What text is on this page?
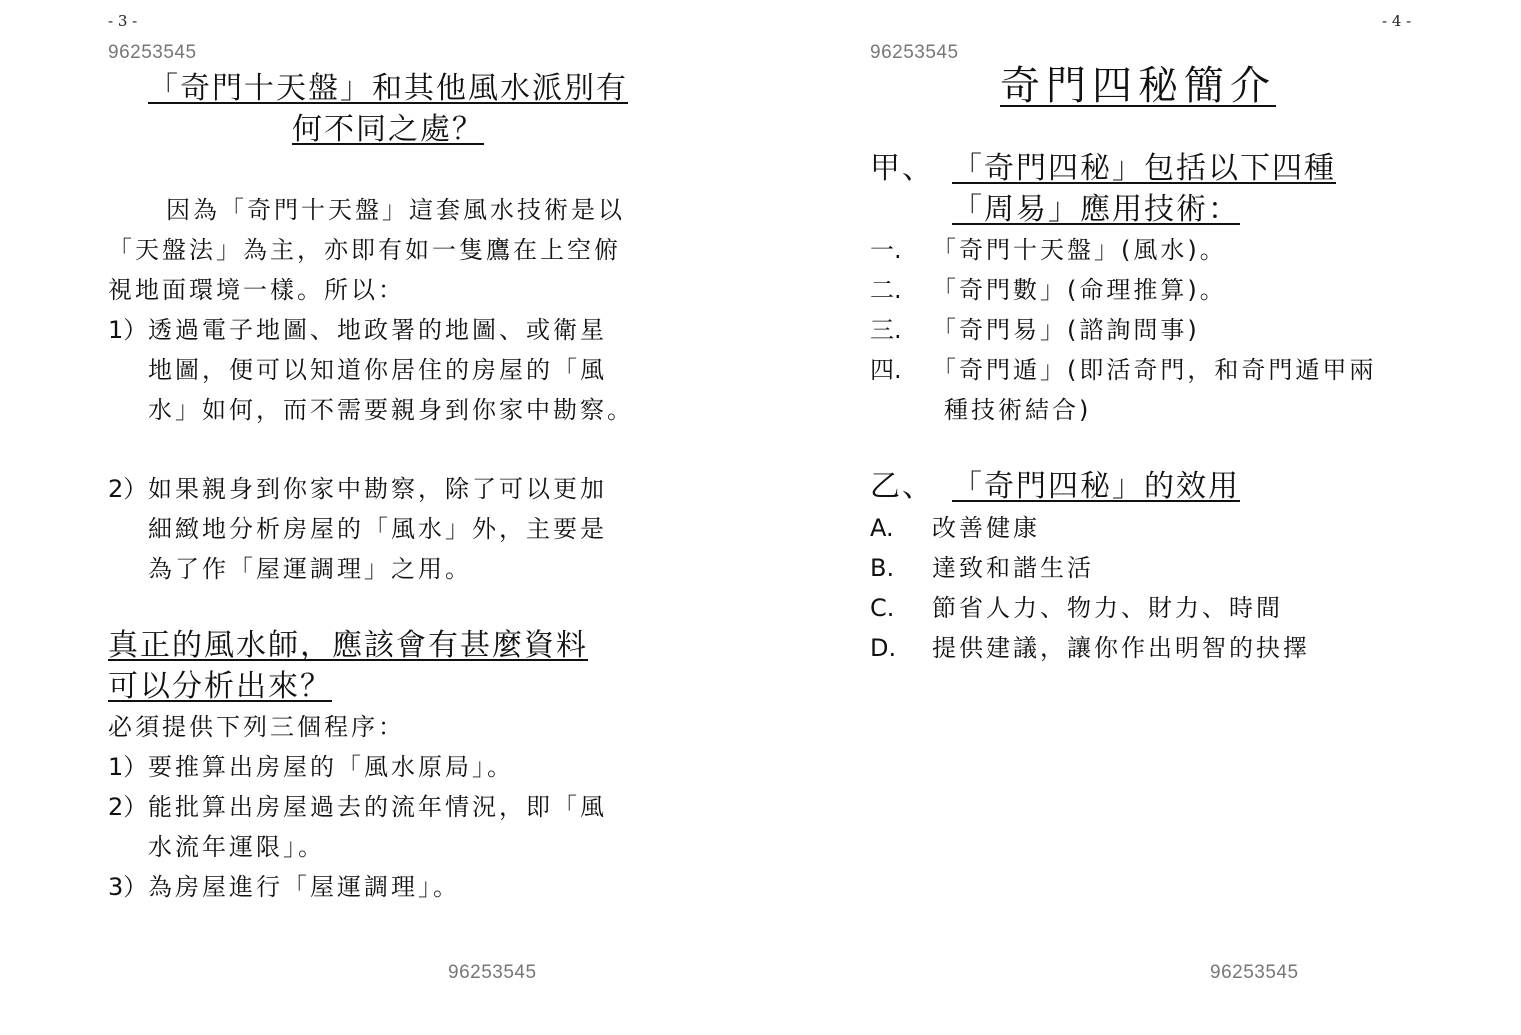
- 3 -
96253545
「奇門十天盤」和其他風水派別有
何不同之處？
因為「奇門十天盤」這套風水技術是以
「天盤法」為主，亦即有如一隻鷹在上空俯
視地面環境一樣。所以：
1）透過電子地圖、地政署的地圖、或衛星
地圖，便可以知道你居住的房屋的「風
水」如何，而不需要親身到你家中勘察。
2）如果親身到你家中勘察，除了可以更加
細緻地分析房屋的「風水」外，主要是
為了作「屋運調理」之用。
真正的風水師，應該會有甚麼資料
可以分析出來？
必須提供下列三個程序：
1）要推算出房屋的「風水原局」。
2）能批算出房屋過去的流年情況，即「風
水流年運限」。
3）為房屋進行「屋運調理」。
96253545
- 4 -
96253545
奇門四秘簡介
甲、 「奇門四秘」包括以下四種
「周易」應用技術：
一. 「奇門十天盤」(風水)。
二. 「奇門數」(命理推算)。
三. 「奇門易」(諮詢問事)
四. 「奇門遁」(即活奇門，和奇門遁甲兩
種技術結合)
乙、 「奇門四秘」的效用
A. 改善健康
B. 達致和諧生活
C. 節省人力、物力、財力、時間
D. 提供建議，讓你作出明智的抉擇
96253545
